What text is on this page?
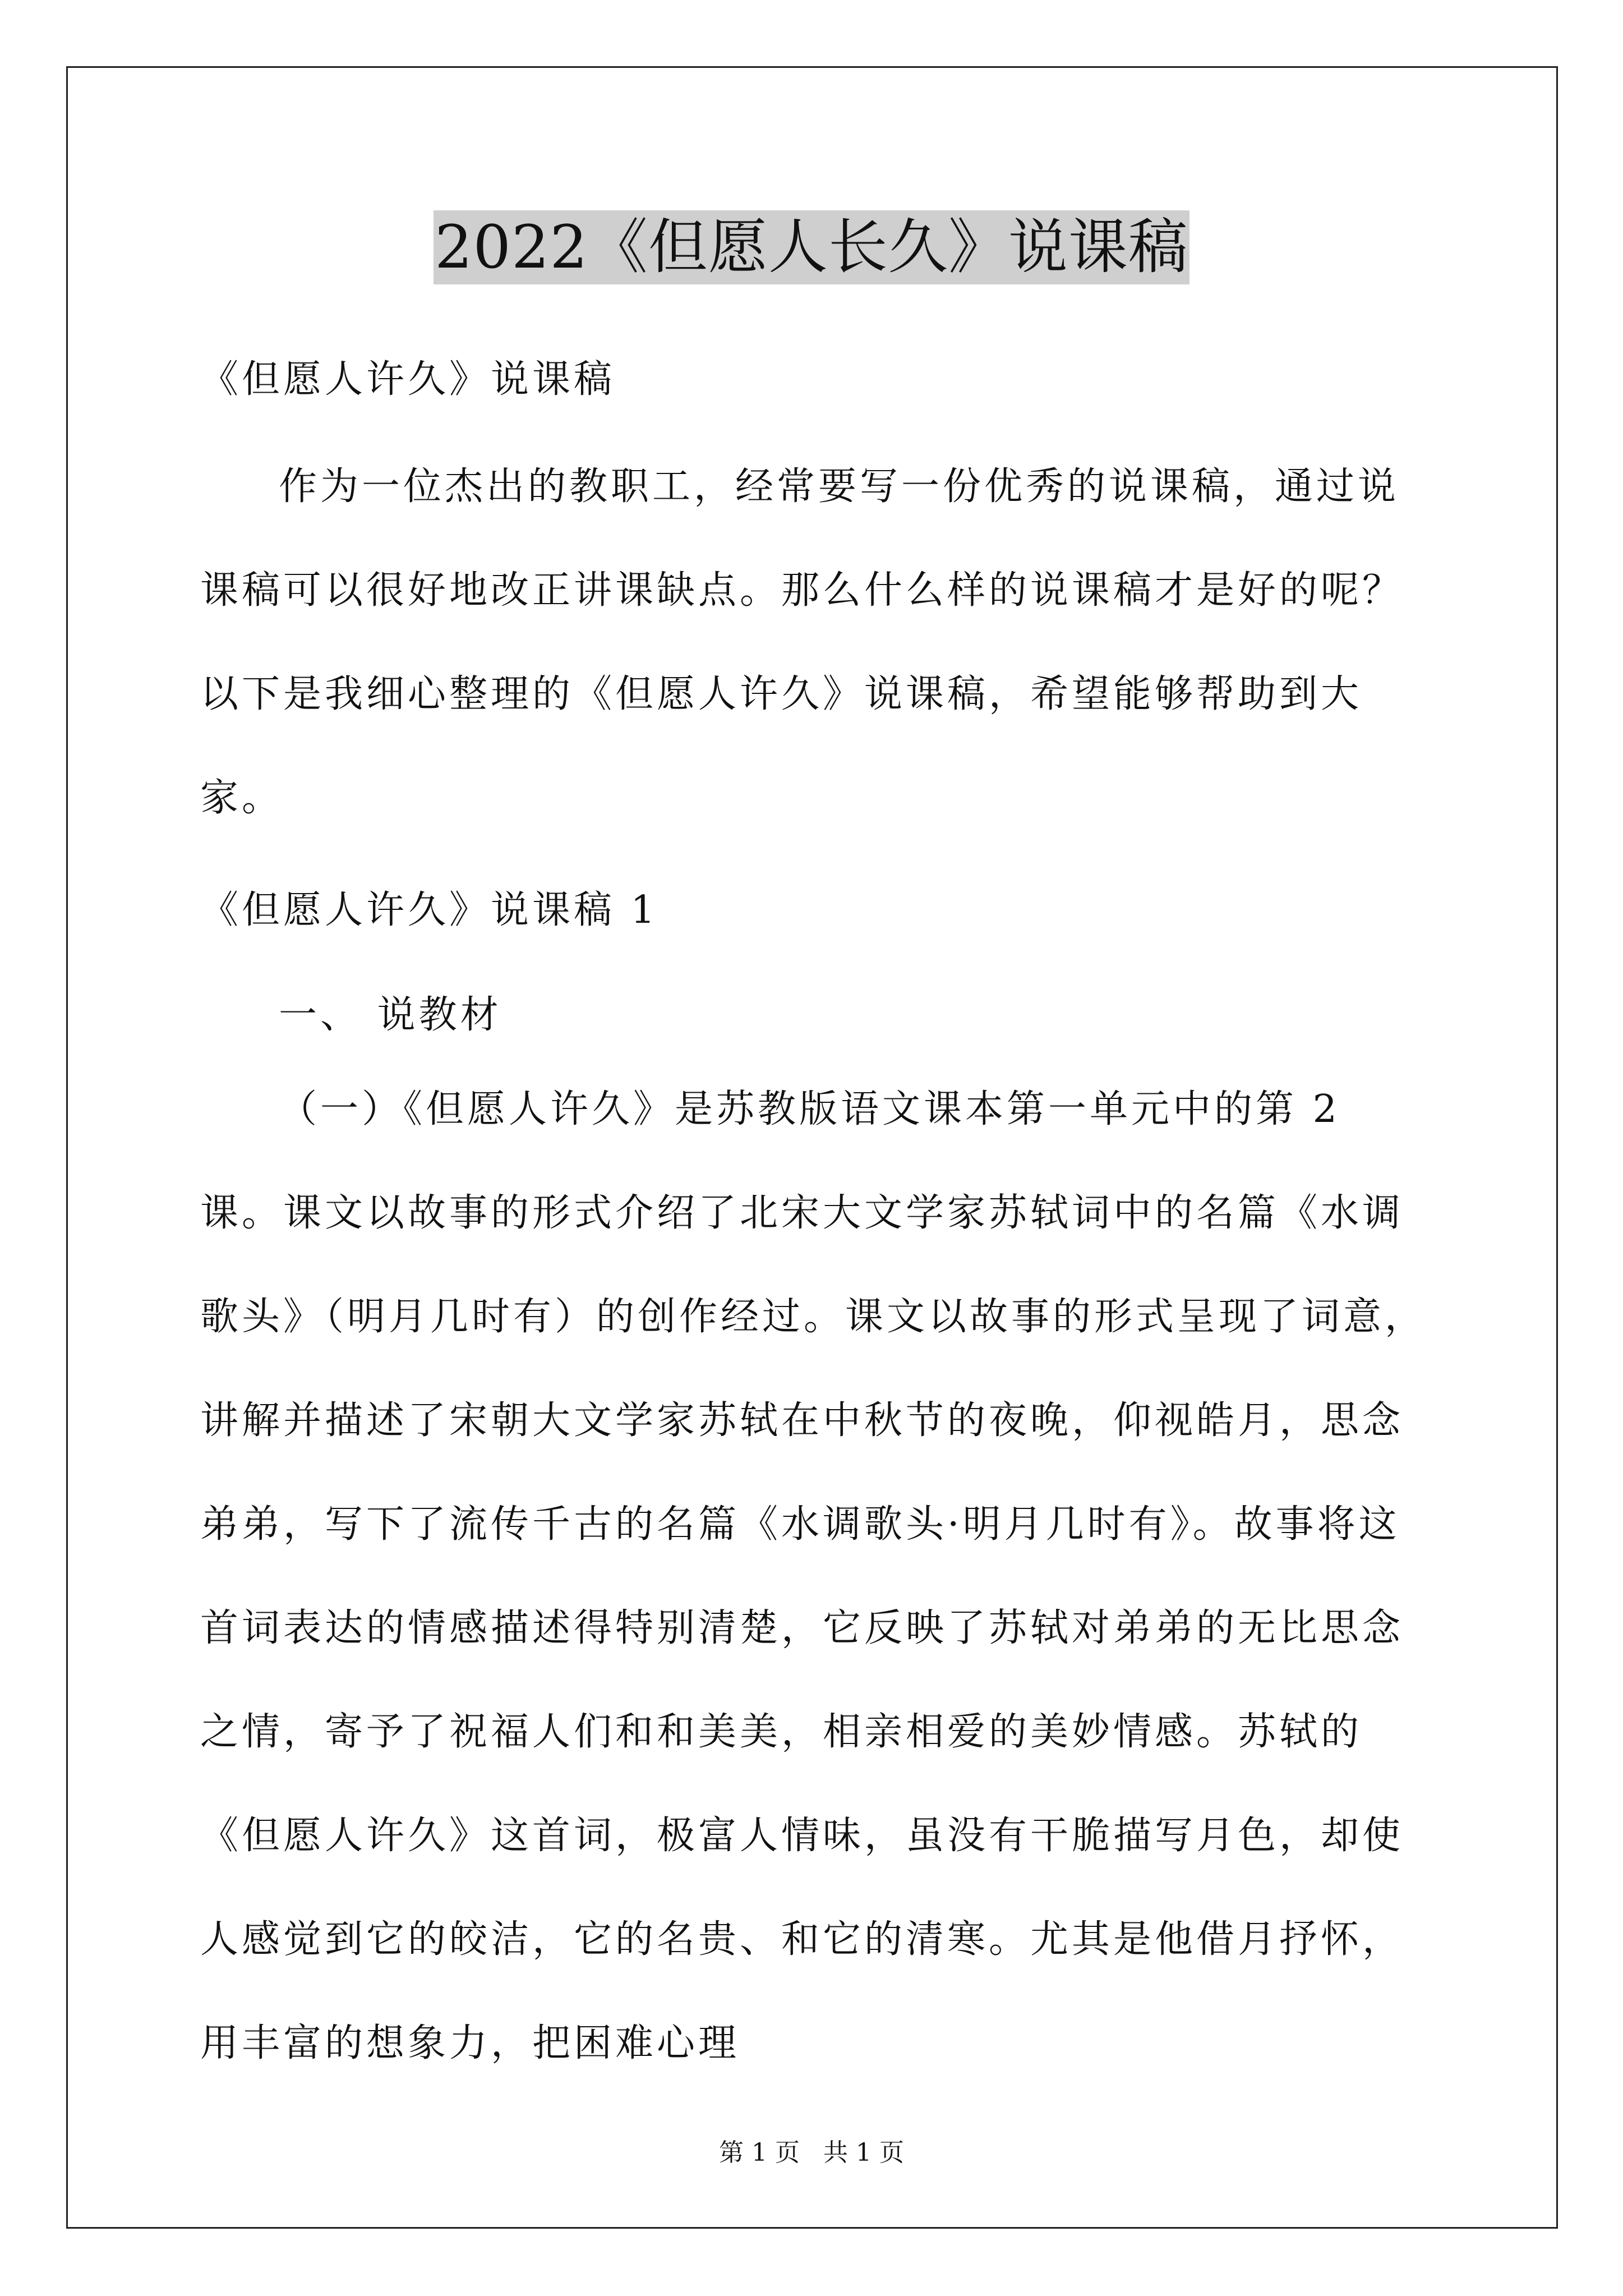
2022《但愿人长久》说课稿
《但愿人许久》说课稿

作为一位杰出的教职工，经常要写一份优秀的说课稿，通过说课稿可以很好地改正讲课缺点。那么什么样的说课稿才是好的呢？以下是我细心整理的《但愿人许久》说课稿，希望能够帮助到大家。

《但愿人许久》说课稿 1
一、 说教材

（一）《但愿人许久》是苏教版语文课本第一单元中的第 2 课。课文以故事的形式介绍了北宋大文学家苏轼词中的名篇《水调歌头》（明月几时有）的创作经过。课文以故事的形式呈现了词意，讲解并描述了宋朝大文学家苏轼在中秋节的夜晚，仰视皓月，思念弟弟，写下了流传千古的名篇《水调歌头·明月几时有》。故事将这首词表达的情感描述得特别清楚，它反映了苏轼对弟弟的无比思念之情，寄予了祝福人们和和美美，相亲相爱的美妙情感。苏轼的《但愿人许久》这首词，极富人情味，虽没有干脆描写月色，却使人感觉到它的皎洁，它的名贵、和它的清寒。尤其是他借月抒怀，用丰富的想象力，把困难心理

第 1 页   共 1 页
